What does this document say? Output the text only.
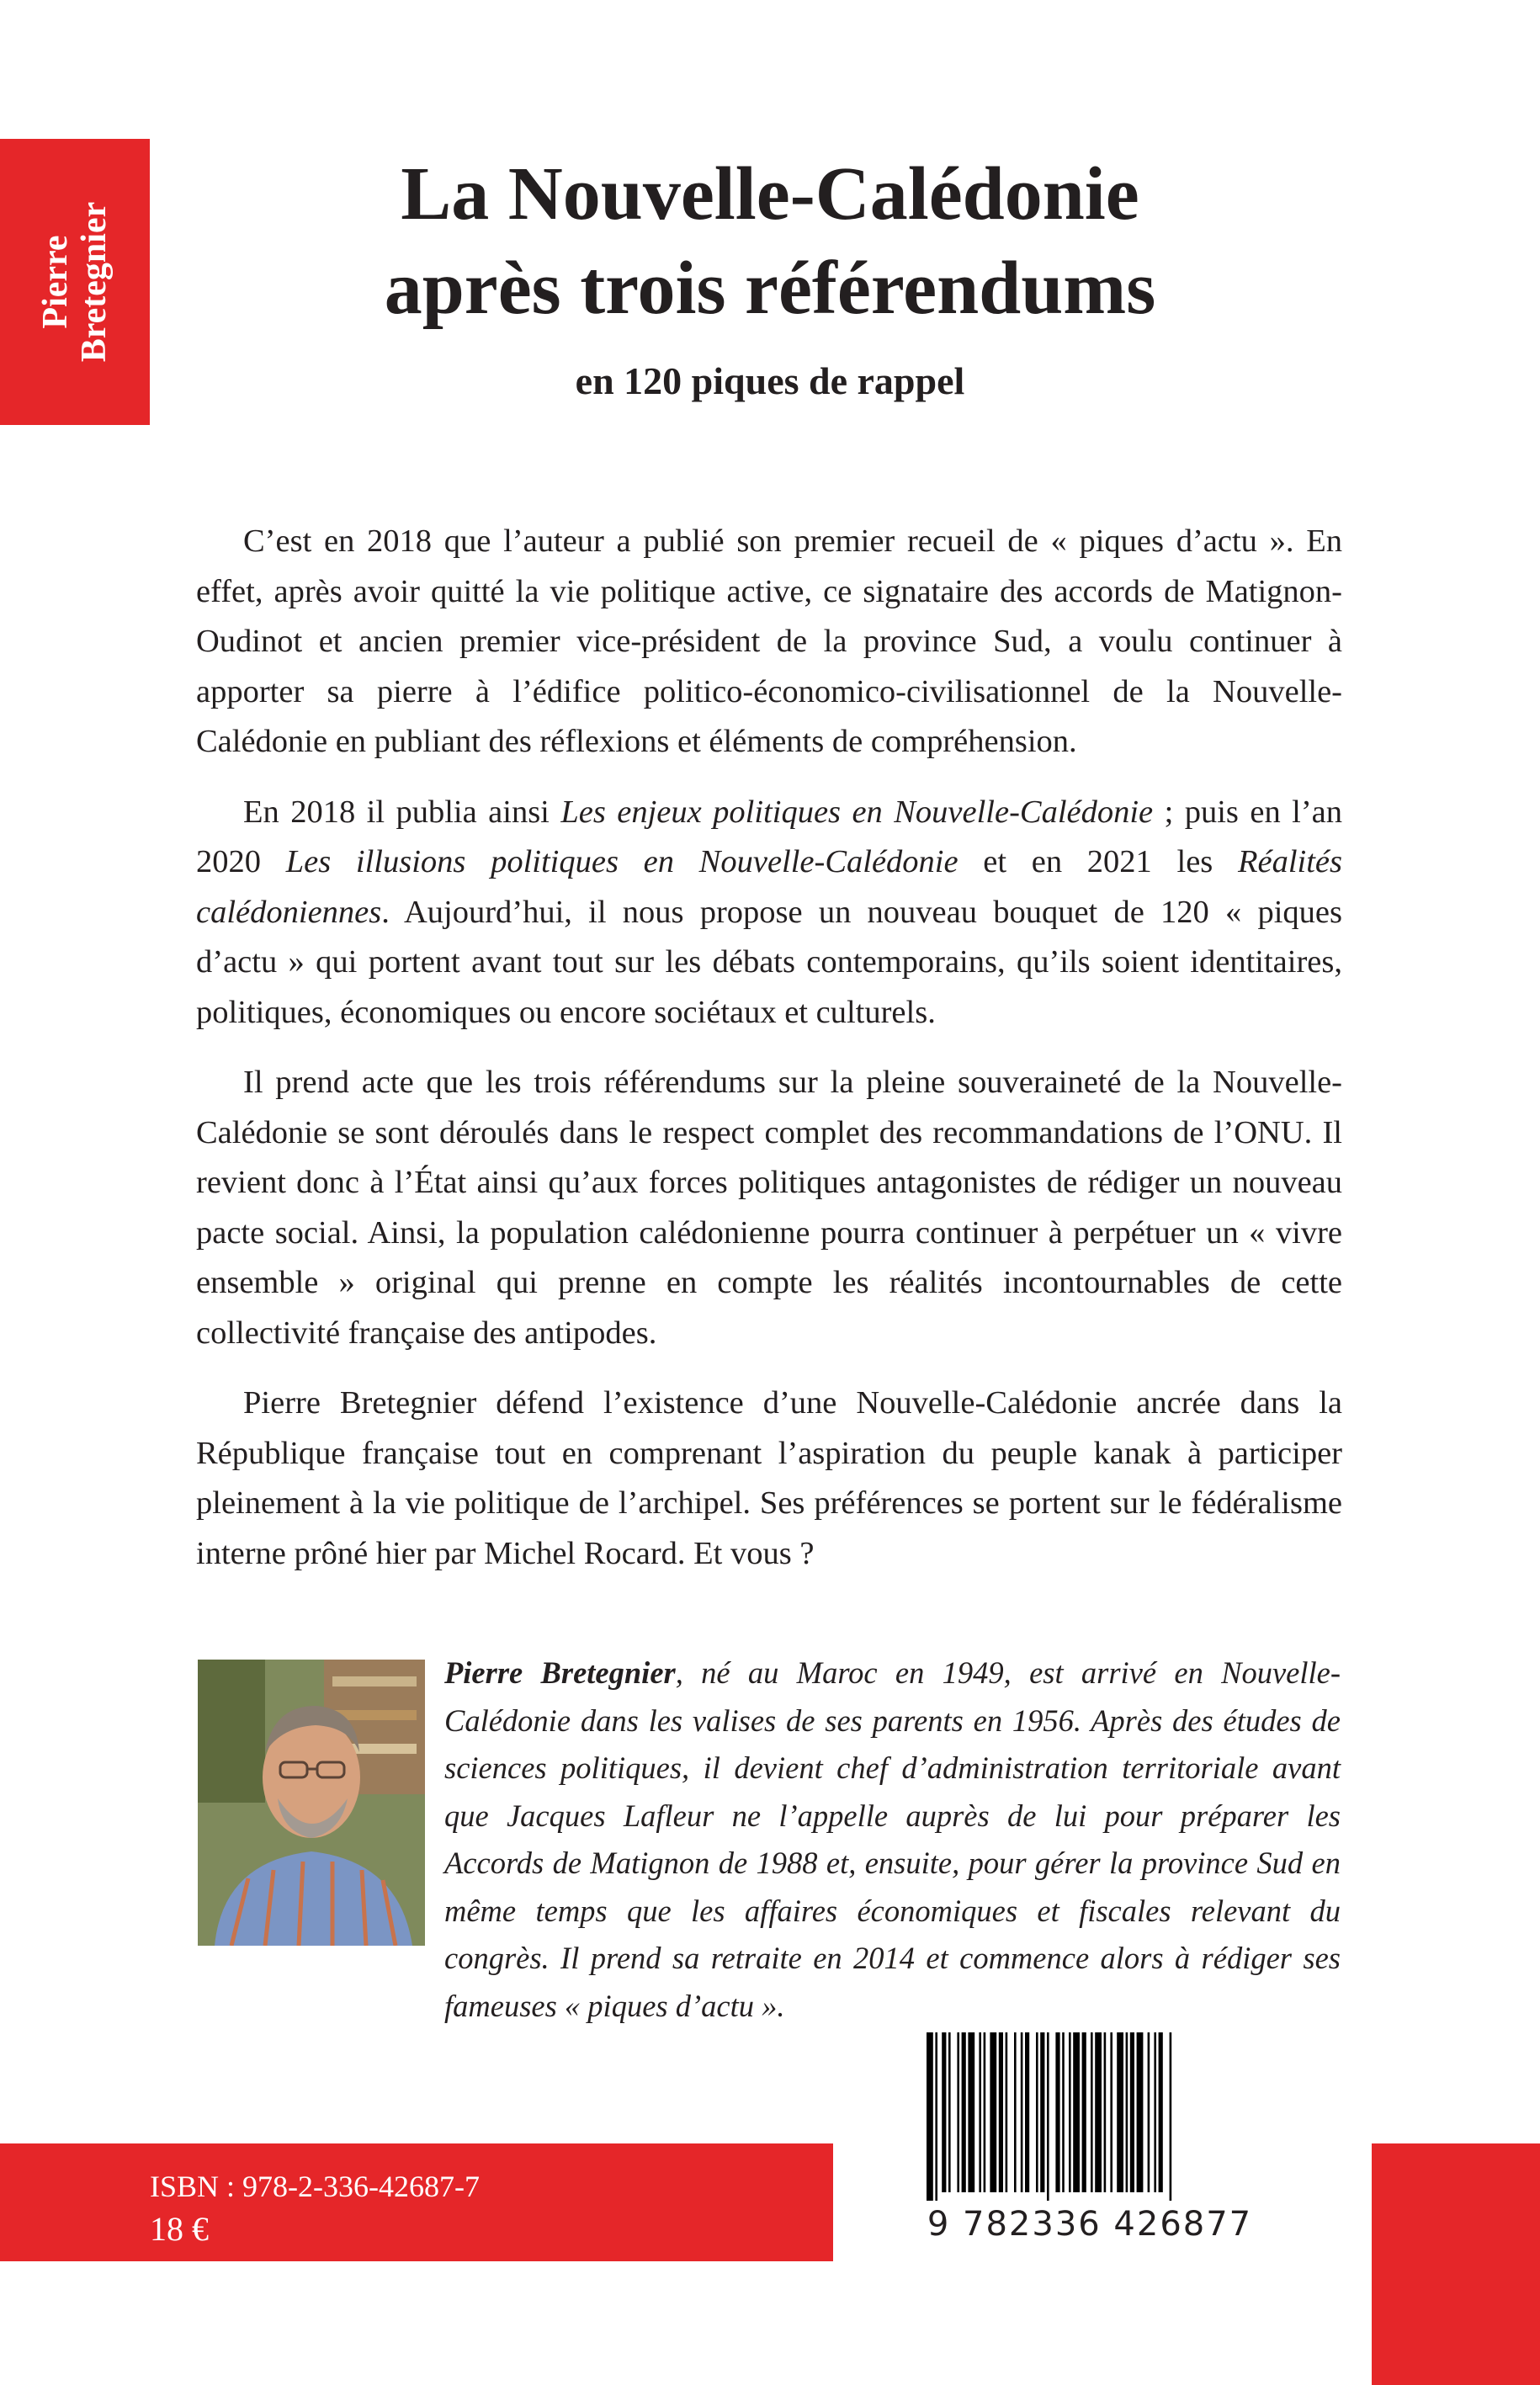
Pierre Bretegnier
La Nouvelle-Calédonie
après trois référendums
en 120 piques de rappel

C’est en 2018 que l’auteur a publié son premier recueil de « piques d’actu ». En effet, après avoir quitté la vie politique active, ce signataire des accords de Matignon-Oudinot et ancien premier vice-président de la province Sud, a voulu continuer à apporter sa pierre à l’édifice politico-économico-civilisationnel de la Nouvelle-Calédonie en publiant des réflexions et éléments de compréhension.

En 2018 il publia ainsi Les enjeux politiques en Nouvelle-Calédonie ; puis en l’an 2020 Les illusions politiques en Nouvelle-Calédonie et en 2021 les Réalités calédoniennes. Aujourd’hui, il nous propose un nouveau bouquet de 120 « piques d’actu » qui portent avant tout sur les débats contemporains, qu’ils soient identitaires, politiques, économiques ou encore sociétaux et culturels.

Il prend acte que les trois référendums sur la pleine souveraineté de la Nouvelle-Calédonie se sont déroulés dans le respect complet des recommandations de l’ONU. Il revient donc à l’État ainsi qu’aux forces politiques antagonistes de rédiger un nouveau pacte social. Ainsi, la population calédonienne pourra continuer à perpétuer un « vivre ensemble » original qui prenne en compte les réalités incontournables de cette collectivité française des antipodes.

Pierre Bretegnier défend l’existence d’une Nouvelle-Calédonie ancrée dans la République française tout en comprenant l’aspiration du peuple kanak à participer pleinement à la vie politique de l’archipel. Ses préférences se portent sur le fédéralisme interne prôné hier par Michel Rocard. Et vous ?

Pierre Bretegnier, né au Maroc en 1949, est arrivé en Nouvelle-Calédonie dans les valises de ses parents en 1956. Après des études de sciences politiques, il devient chef d’administration territoriale avant que Jacques Lafleur ne l’appelle auprès de lui pour préparer les Accords de Matignon de 1988 et, ensuite, pour gérer la province Sud en même temps que les affaires économiques et fiscales relevant du congrès. Il prend sa retraite en 2014 et commence alors à rédiger ses fameuses « piques d’actu ».
9 782336 426877
ISBN : 978-2-336-42687-7
18 €
